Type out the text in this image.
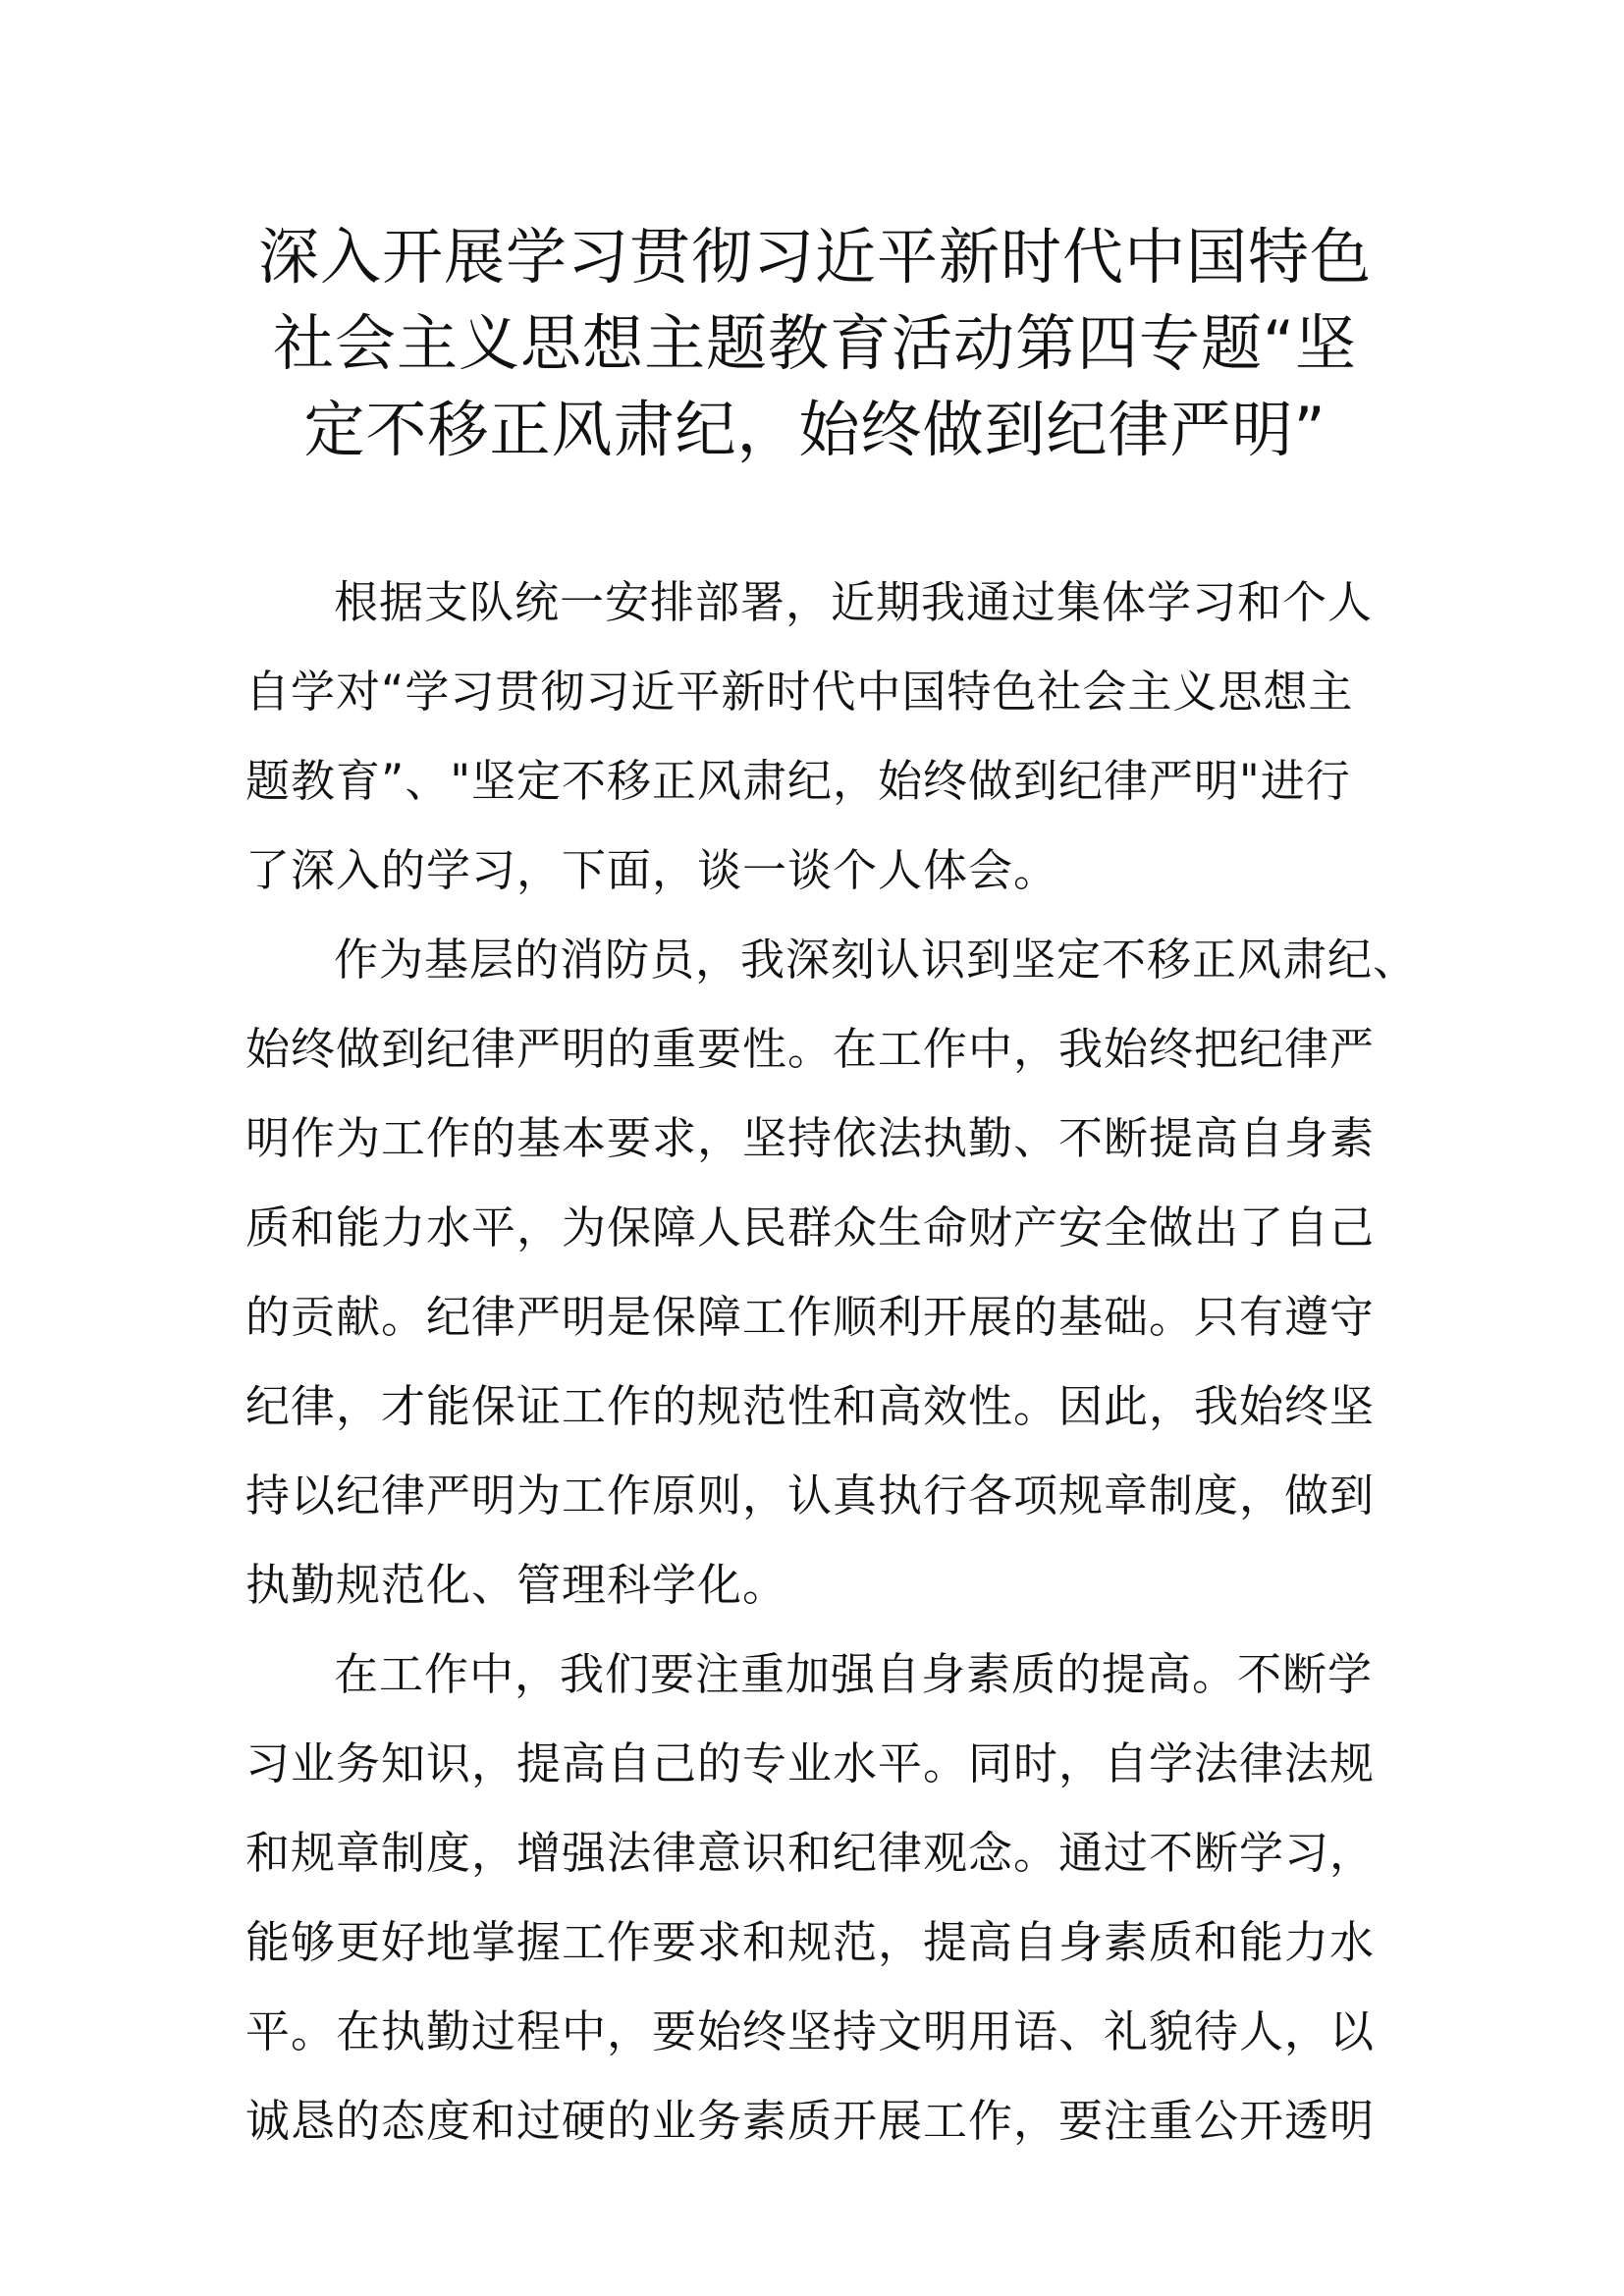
深入开展学习贯彻习近平新时代中国特色
社会主义思想主题教育活动第四专题“坚
定不移正风肃纪，始终做到纪律严明”

根据支队统一安排部署，近期我通过集体学习和个人
自学对“学习贯彻习近平新时代中国特色社会主义思想主
题教育”、"坚定不移正风肃纪，始终做到纪律严明"进行
了深入的学习，下面，谈一谈个人体会。

作为基层的消防员，我深刻认识到坚定不移正风肃纪、
始终做到纪律严明的重要性。在工作中，我始终把纪律严
明作为工作的基本要求，坚持依法执勤、不断提高自身素
质和能力水平，为保障人民群众生命财产安全做出了自己
的贡献。纪律严明是保障工作顺利开展的基础。只有遵守
纪律，才能保证工作的规范性和高效性。因此，我始终坚
持以纪律严明为工作原则，认真执行各项规章制度，做到
执勤规范化、管理科学化。

在工作中，我们要注重加强自身素质的提高。不断学
习业务知识，提高自己的专业水平。同时，自学法律法规
和规章制度，增强法律意识和纪律观念。通过不断学习，
能够更好地掌握工作要求和规范，提高自身素质和能力水
平。在执勤过程中，要始终坚持文明用语、礼貌待人，以
诚恳的态度和过硬的业务素质开展工作，要注重公开透明
